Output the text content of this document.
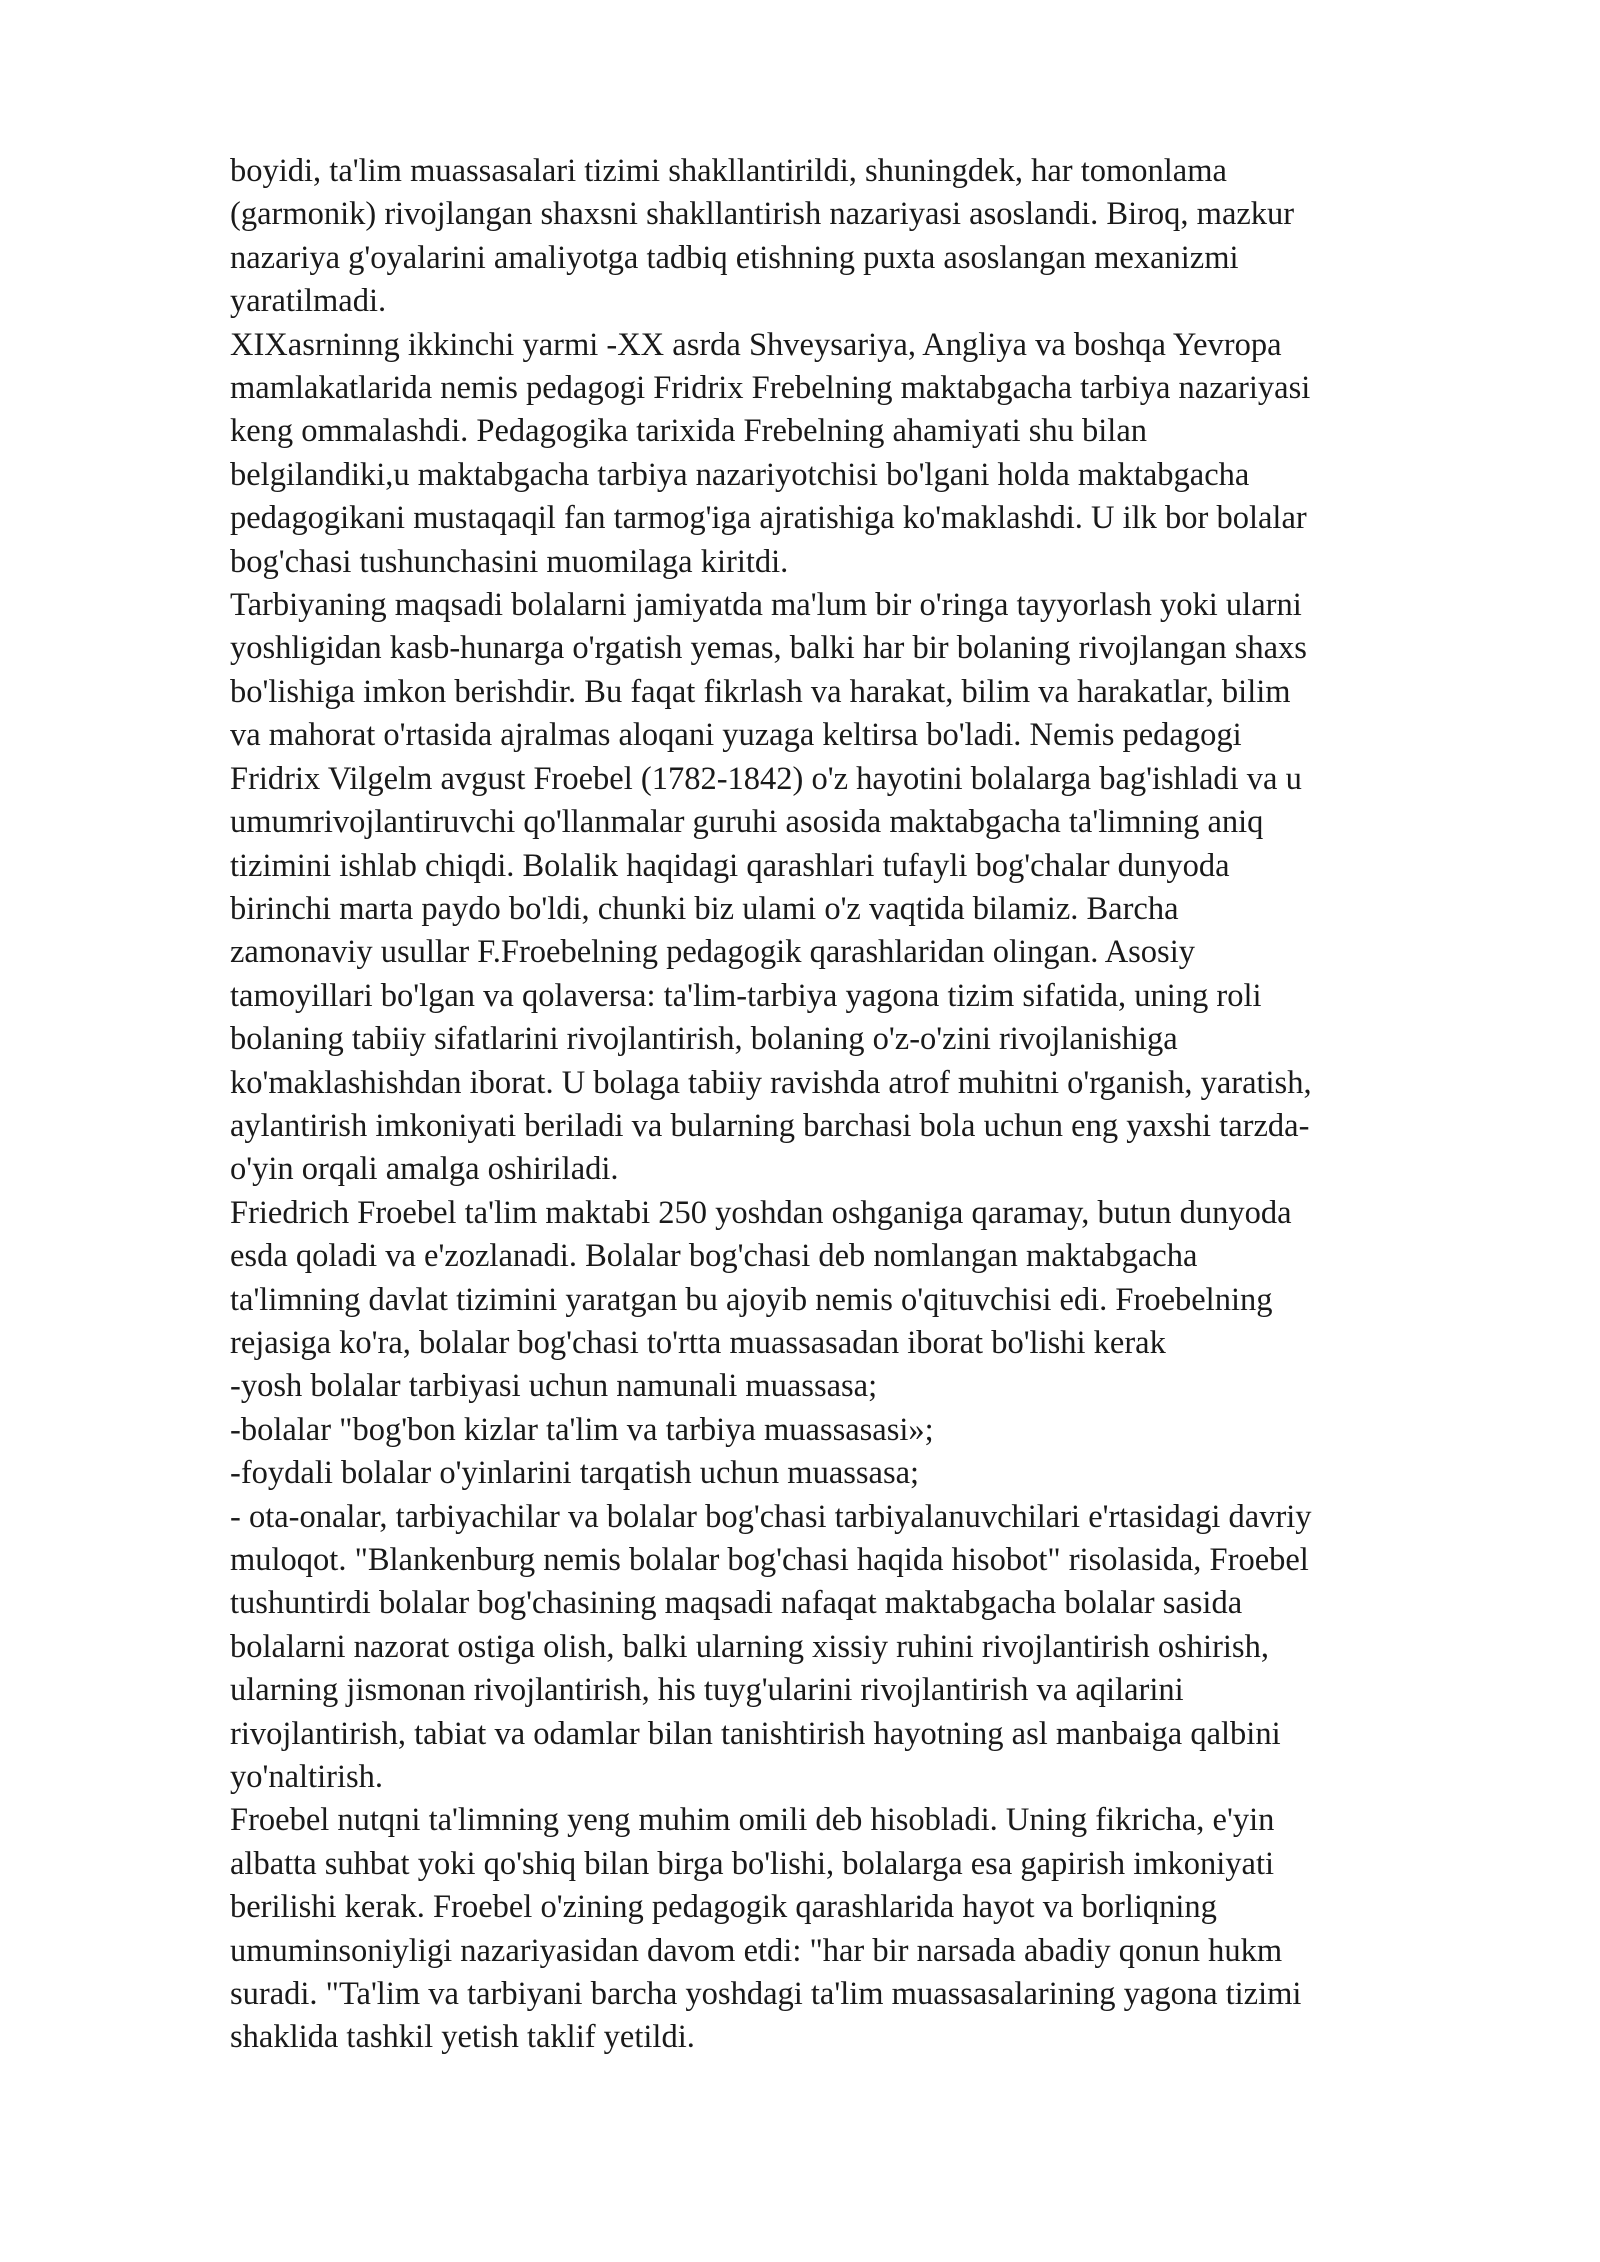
boyidi, ta'lim muassasalari tizimi shakllantirildi, shuningdek, har tomonlama
(garmonik) rivojlangan shaxsni shakllantirish nazariyasi asoslandi. Biroq, mazkur
nazariya g'oyalarini amaliyotga tadbiq etishning puxta asoslangan mexanizmi
yaratilmadi.
XIXasrninng ikkinchi yarmi -XX asrda Shveysariya, Angliya va boshqa Yevropa
mamlakatlarida nemis pedagogi Fridrix Frebelning maktabgacha tarbiya nazariyasi
keng ommalashdi. Pedagogika tarixida Frebelning ahamiyati shu bilan
belgilandiki,u maktabgacha tarbiya nazariyotchisi bo'lgani holda maktabgacha
pedagogikani mustaqaqil fan tarmog'iga ajratishiga ko'maklashdi. U ilk bor bolalar
bog'chasi tushunchasini muomilaga kiritdi.
Tarbiyaning maqsadi bolalarni jamiyatda ma'lum bir o'ringa tayyorlash yoki ularni
yoshligidan kasb-hunarga o'rgatish yemas, balki har bir bolaning rivojlangan shaxs
bo'lishiga imkon berishdir. Bu faqat fikrlash va harakat, bilim va harakatlar, bilim
va mahorat o'rtasida ajralmas aloqani yuzaga keltirsa bo'ladi. Nemis pedagogi
Fridrix Vilgelm avgust Froebel (1782-1842) o'z hayotini bolalarga bag'ishladi va u
umumrivojlantiruvchi qo'llanmalar guruhi asosida maktabgacha ta'limning aniq
tizimini ishlab chiqdi. Bolalik haqidagi qarashlari tufayli bog'chalar dunyoda
birinchi marta paydo bo'ldi, chunki biz ulami o'z vaqtida bilamiz. Barcha
zamonaviy usullar F.Froebelning pedagogik qarashlaridan olingan. Asosiy
tamoyillari bo'lgan va qolaversa: ta'lim-tarbiya yagona tizim sifatida, uning roli
bolaning tabiiy sifatlarini rivojlantirish, bolaning o'z-o'zini rivojlanishiga
ko'maklashishdan iborat. U bolaga tabiiy ravishda atrof muhitni o'rganish, yaratish,
aylantirish imkoniyati beriladi va bularning barchasi bola uchun eng yaxshi tarzda-
o'yin orqali amalga oshiriladi.
Friedrich Froebel ta'lim maktabi 250 yoshdan oshganiga qaramay, butun dunyoda
esda qoladi va e'zozlanadi. Bolalar bog'chasi deb nomlangan maktabgacha
ta'limning davlat tizimini yaratgan bu ajoyib nemis o'qituvchisi edi. Froebelning
rejasiga ko'ra, bolalar bog'chasi to'rtta muassasadan iborat bo'lishi kerak
-yosh bolalar tarbiyasi uchun namunali muassasa;
-bolalar "bog'bon kizlar ta'lim va tarbiya muassasasi»;
-foydali bolalar o'yinlarini tarqatish uchun muassasa;
- ota-onalar, tarbiyachilar va bolalar bog'chasi tarbiyalanuvchilari e'rtasidagi davriy
muloqot. "Blankenburg nemis bolalar bog'chasi haqida hisobot" risolasida, Froebel
tushuntirdi bolalar bog'chasining maqsadi nafaqat maktabgacha bolalar sasida
bolalarni nazorat ostiga olish, balki ularning xissiy ruhini rivojlantirish oshirish,
ularning jismonan rivojlantirish, his tuyg'ularini rivojlantirish va aqilarini
rivojlantirish, tabiat va odamlar bilan tanishtirish hayotning asl manbaiga qalbini
yo'naltirish.
Froebel nutqni ta'limning yeng muhim omili deb hisobladi. Uning fikricha, e'yin
albatta suhbat yoki qo'shiq bilan birga bo'lishi, bolalarga esa gapirish imkoniyati
berilishi kerak. Froebel o'zining pedagogik qarashlarida hayot va borliqning
umuminsoniyligi nazariyasidan davom etdi: "har bir narsada abadiy qonun hukm
suradi. "Ta'lim va tarbiyani barcha yoshdagi ta'lim muassasalarining yagona tizimi
shaklida tashkil yetish taklif yetildi.
